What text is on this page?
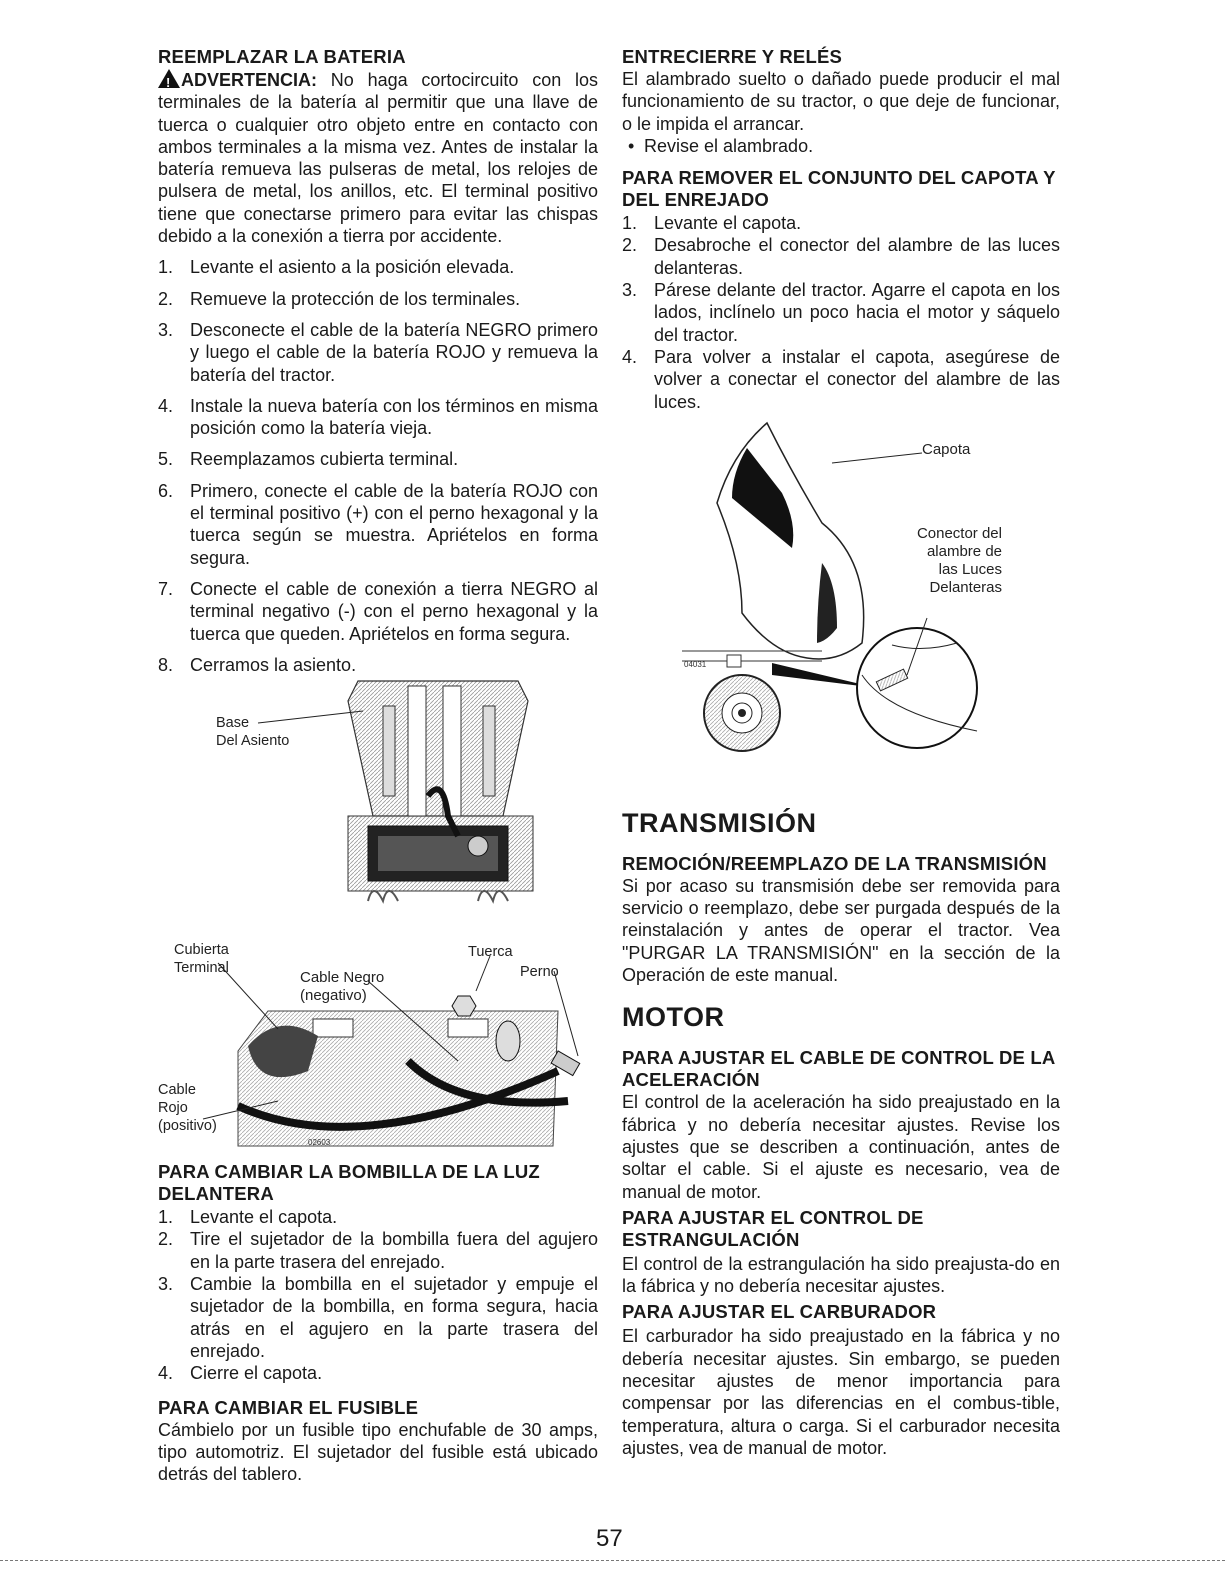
REEMPLAZAR LA BATERIA

!ADVERTENCIA: No haga cortocircuito con los terminales de la batería al permitir que una llave de tuerca o cualquier otro objeto entre en contacto con ambos terminales a la misma vez. Antes de instalar la batería remueva las pulseras de metal, los relojes de pulsera de metal, los anillos, etc. El terminal positivo tiene que conectarse primero para evitar las chispas debido a la conexión a tierra por accidente.

1. Levante el asiento a la posición elevada.
2. Remueve la protección de los terminales.
3. Desconecte el cable de la batería NEGRO primero y luego el cable de la batería ROJO y remueva la batería del tractor.
4. Instale la nueva batería con los términos en misma posición como la batería vieja.
5. Reemplazamos cubierta terminal.
6. Primero, conecte el cable de la batería ROJO con el terminal positivo (+) con el perno hexagonal y la tuerca según se muestra. Apriételos en forma segura.
7. Conecte el cable de conexión a tierra NEGRO al terminal negativo (-) con el perno hexagonal y la tuerca que queden. Apriételos en forma segura.
8. Cerramos la asiento.
Base
Del Asiento
02603
Cubierta
Terminal
Tuerca
Cable Negro
(negativo)
Perno
Cable
Rojo
(positivo)
PARA CAMBIAR LA BOMBILLA DE LA LUZ DELANTERA
1. Levante el capota.
2. Tire el sujetador de la bombilla fuera del agujero en la parte trasera del enrejado.
3. Cambie la bombilla en el sujetador y empuje el sujetador de la bombilla, en forma segura, hacia atrás en el agujero en la parte trasera del enrejado.
4. Cierre el capota.
PARA CAMBIAR EL FUSIBLE

Cámbielo por un fusible tipo enchufable de 30 amps, tipo automotriz. El sujetador del fusible está ubicado detrás del tablero.

ENTRECIERRE Y RELÉS

El alambrado suelto o dañado puede producir el mal funcionamiento de su tractor, o que deje de funcionar, o le impida el arrancar.

• Revise el alambrado.
PARA REMOVER EL CONJUNTO DEL CAPOTA Y DEL ENREJADO
1. Levante el capota.
2. Desabroche el conector del alambre de las luces delanteras.
3. Párese delante del tractor. Agarre el capota en los lados, inclínelo un poco hacia el motor y sáquelo del tractor.
4. Para volver a instalar el capota, asegúrese de volver a conectar el conector del alambre de las luces.
04031
Capota
Conector del
alambre de
las Luces
Delanteras
TRANSMISIÓN
REMOCIÓN/REEMPLAZO DE LA TRANSMISIÓN

Si por acaso su transmisión debe ser removida para servicio o reemplazo, debe ser purgada después de la reinstalación y antes de operar el tractor. Vea "PURGAR LA TRANSMISIÓN" en la sección de la Operación de este manual.

MOTOR
PARA AJUSTAR EL CABLE DE CONTROL DE LA ACELERACIÓN

El control de la aceleración ha sido preajustado en la fábrica y no debería necesitar ajustes. Revise los ajustes que se describen a continuación, antes de soltar el cable. Si el ajuste es necesario, vea de manual de motor.

PARA AJUSTAR EL CONTROL DE ESTRANGULACIÓN

El control de la estrangulación ha sido preajusta-do en la fábrica y no debería necesitar ajustes.

PARA AJUSTAR EL CARBURADOR

El carburador ha sido preajustado en la fábrica y no debería necesitar ajustes. Sin embargo, se pueden necesitar ajustes de menor importancia para compensar por las diferencias en el combus-tible, temperatura, altura o carga. Si el carburador necesita ajustes, vea de manual de motor.

57
